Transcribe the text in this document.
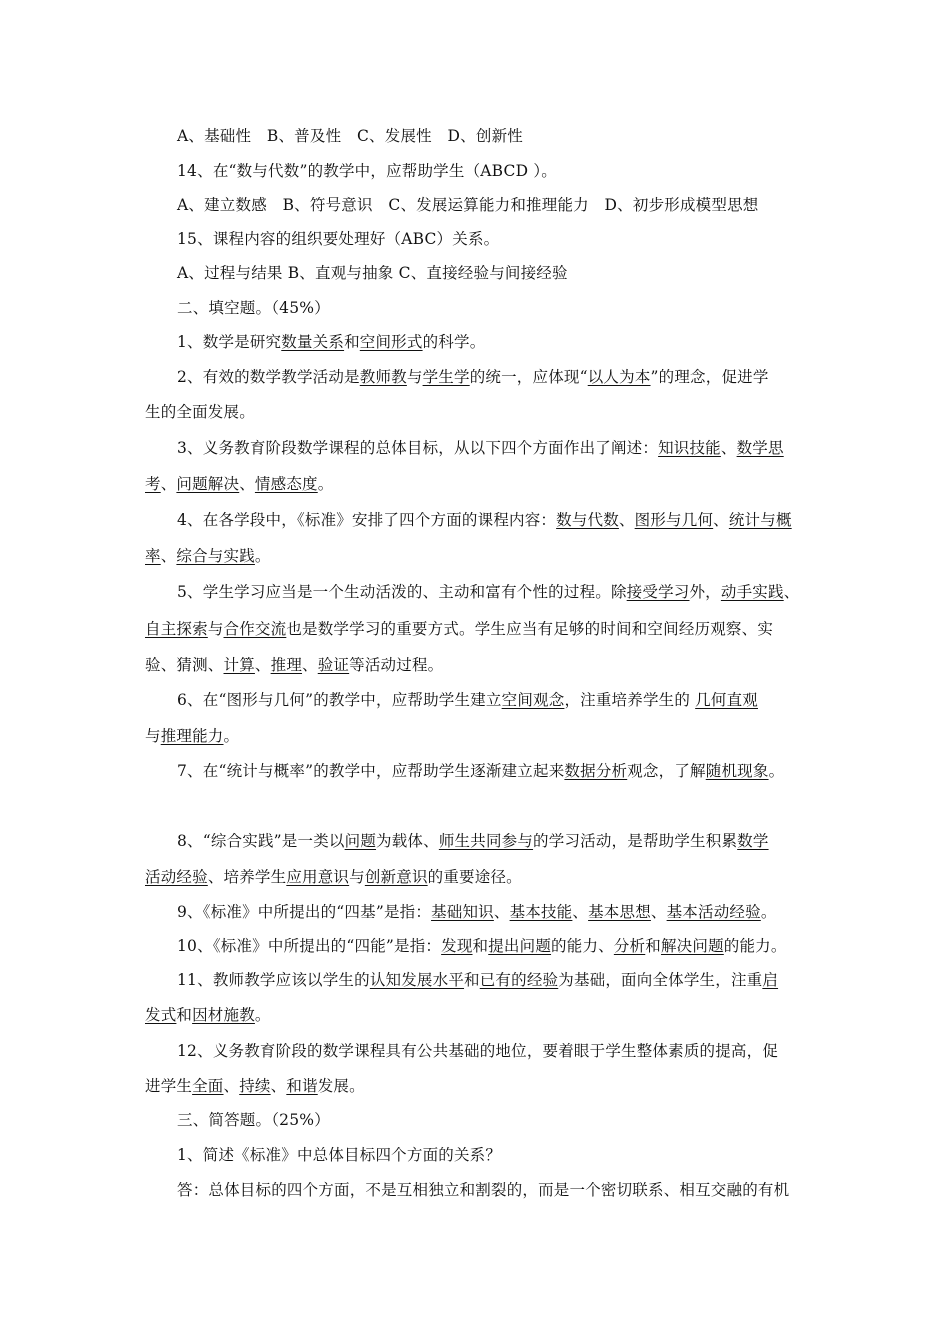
A、基础性　B、普及性　C、发展性　D、创新性
14、在“数与代数”的教学中，应帮助学生（ABCD ）。
A、建立数感　B、符号意识　C、发展运算能力和推理能力　D、初步形成模型思想
15、课程内容的组织要处理好（ABC）关系。
A、过程与结果 B、直观与抽象 C、直接经验与间接经验
二、填空题。（45%）
1、数学是研究数量关系和空间形式的科学。
2、有效的数学教学活动是教师教与学生学的统一，应体现“以人为本”的理念，促进学
生的全面发展。
3、义务教育阶段数学课程的总体目标，从以下四个方面作出了阐述：知识技能、数学思
考、问题解决、情感态度。
4、在各学段中，《标准》安排了四个方面的课程内容：数与代数、图形与几何、统计与概
率、综合与实践。
5、学生学习应当是一个生动活泼的、主动和富有个性的过程。除接受学习外，动手实践、
自主探索与合作交流也是数学学习的重要方式。学生应当有足够的时间和空间经历观察、实
验、猜测、计算、推理、验证等活动过程。
6、在“图形与几何”的教学中，应帮助学生建立空间观念，注重培养学生的 几何直观
与推理能力。
7、在“统计与概率”的教学中，应帮助学生逐渐建立起来数据分析观念，了解随机现象。
8、“综合实践”是一类以问题为载体、师生共同参与的学习活动，是帮助学生积累数学
活动经验、培养学生应用意识与创新意识的重要途径。
9、《标准》中所提出的“四基”是指：基础知识、基本技能、基本思想、基本活动经验。
10、《标准》中所提出的“四能”是指：发现和提出问题的能力、分析和解决问题的能力。
11、教师教学应该以学生的认知发展水平和已有的经验为基础，面向全体学生，注重启
发式和因材施教。
12、义务教育阶段的数学课程具有公共基础的地位，要着眼于学生整体素质的提高，促
进学生全面、持续、和谐发展。
三、简答题。（25%）
1、简述《标准》中总体目标四个方面的关系？
答：总体目标的四个方面，不是互相独立和割裂的，而是一个密切联系、相互交融的有机
